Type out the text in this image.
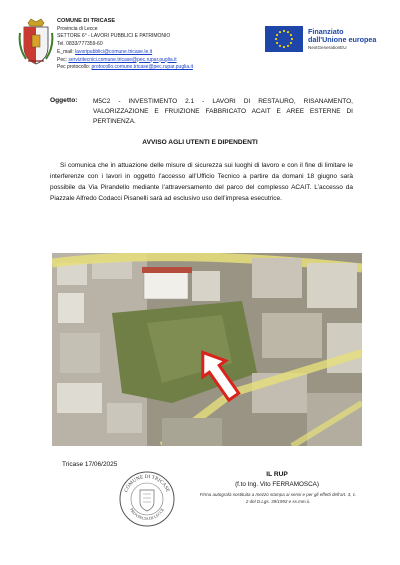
COMUNE DI TRICASE
Provincia di Lecce
SETTORE 6° - LAVORI PUBBLICI E PATRIMONIO
Tel. 0833/777359-60
E_mail: lavoripubblici@comune.tricase.le.it
Pec: servizitecnici.comune.tricase@pec.rupar.puglia.it
Pec protocollo: protocollo.comune.tricase@pec.rupar.puglia.it
Finanziato
dall'Unione europea
NextGenerationEU
Oggetto: M5C2 - INVESTIMENTO 2.1 - LAVORI DI RESTAURO, RISANAMENTO, VALORIZZAZIONE E FRUIZIONE FABBRICATO ACAIT E AREE ESTERNE DI PERTINENZA.
AVVISO AGLI UTENTI E DIPENDENTI
Si comunica che in attuazione delle misure di sicurezza sui luoghi di lavoro e con il fine di limitare le interferenze con i lavori in oggetto l’accesso all’Ufficio Tecnico a partire da domani 18 giugno sarà possibile da Via Pirandello mediante l’attraversamento del parco del complesso ACAIT. L’accesso da Piazzale Alfredo Codacci Pisanelli sarà ad esclusivo uso dell’impresa esecutrice.
Tricase 17/06/2025
COMUNE DI TRICASE
PROVINCIA DI LECCE
IL RUP
(f.to Ing. Vito FERRAMOSCA)
Firma autografa sostituita a mezzo stampa ai sensi e per gli effetti dell’art. 3, c. 2 del D.Lgs. 39/1993 e ss.mm.ii.
